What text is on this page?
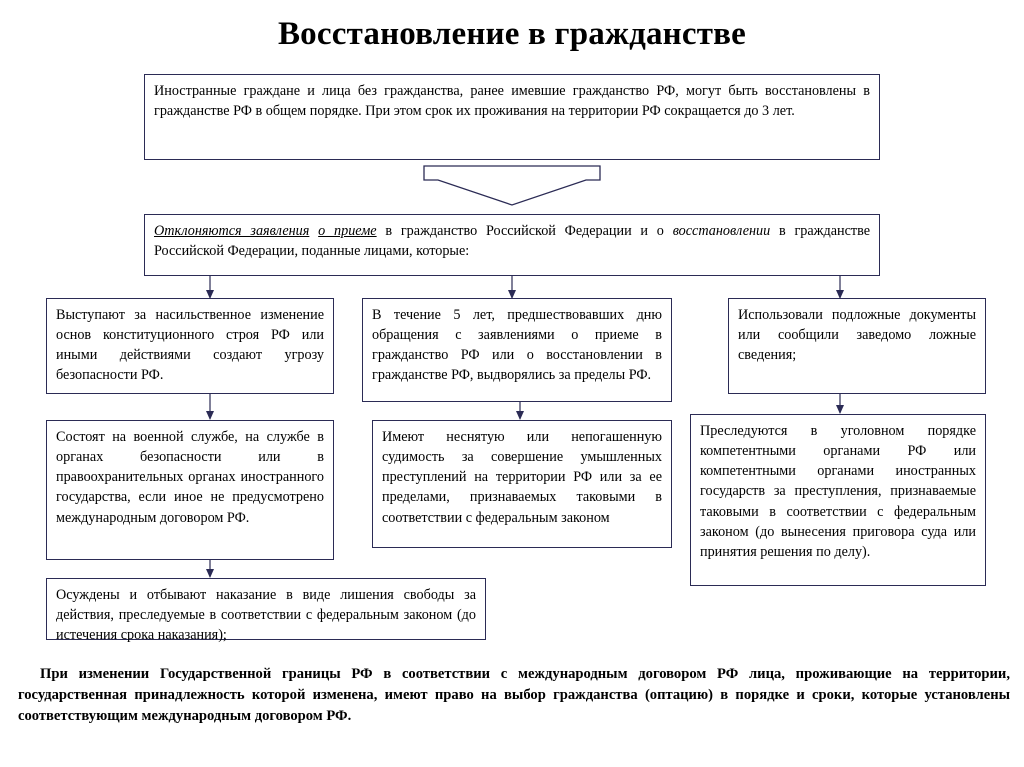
Восстановление в гражданстве

Иностранные граждане и лица без гражданства, ранее имевшие гражданство РФ, могут быть восстановлены в гражданстве РФ в общем порядке. При этом срок их проживания на территории РФ сокращается до 3 лет.

Отклоняются заявления о приеме в гражданство Российской Федерации и о восстановлении в гражданстве Российской Федерации, поданные лицами, которые:

Выступают за насильственное изменение основ конституционного строя РФ или иными действиями создают угрозу безопасности РФ.

В течение 5 лет, предшествовавших дню обращения с заявлениями о приеме в гражданство РФ или о восстановлении в гражданстве РФ, выдворялись за пределы РФ.

Использовали подложные документы или сообщили заведомо ложные сведения;

Состоят на военной службе, на службе в органах безопасности или в правоохранительных органах иностранного государства, если иное не предусмотрено международным договором РФ.

Имеют неснятую или непогашенную судимость за совершение умышленных преступлений на территории РФ или за ее пределами, признаваемых таковыми в соответствии с федеральным законом

Преследуются в уголовном порядке компетентными органами РФ или компетентными органами иностранных государств за преступления, признаваемые таковыми в соответствии с федеральным законом (до вынесения приговора суда или принятия решения по делу).

Осуждены и отбывают наказание в виде лишения свободы за действия, преследуемые в соответствии с федеральным законом (до истечения срока наказания);

При изменении Государственной границы РФ в соответствии с международным договором РФ лица, проживающие на территории, государственная принадлежность которой изменена, имеют право на выбор гражданства (оптацию) в порядке и сроки, которые установлены соответствующим международным договором РФ.
